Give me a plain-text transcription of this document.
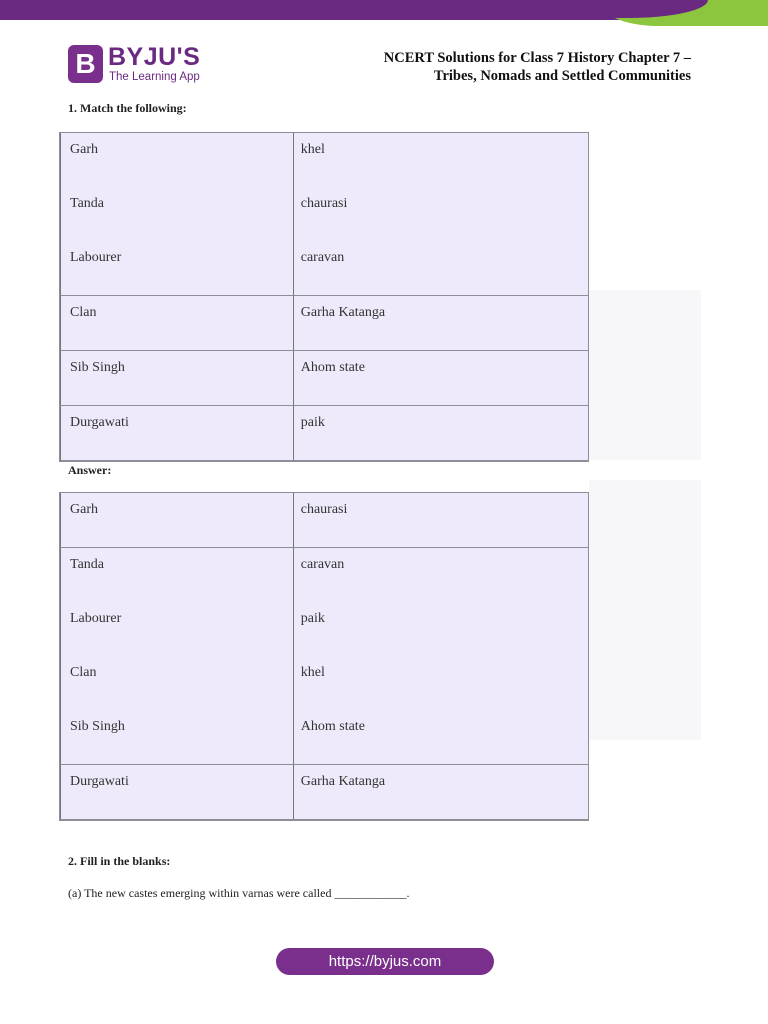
B BYJU'S
The Learning App
NCERT Solutions for Class 7 History Chapter 7 –
Tribes, Nomads and Settled Communities
1. Match the following:
Garh	khel

Tanda	chaurasi

Labourer	caravan

Clan	Garha Katanga

Sib Singh	Ahom state

Durgawati	paik
Answer:
Garh	chaurasi

Tanda	caravan

Labourer	paik

Clan	khel

Sib Singh	Ahom state

Durgawati	Garha Katanga
2. Fill in the blanks:
(a) The new castes emerging within varnas were called ____________.
https://byjus.com
